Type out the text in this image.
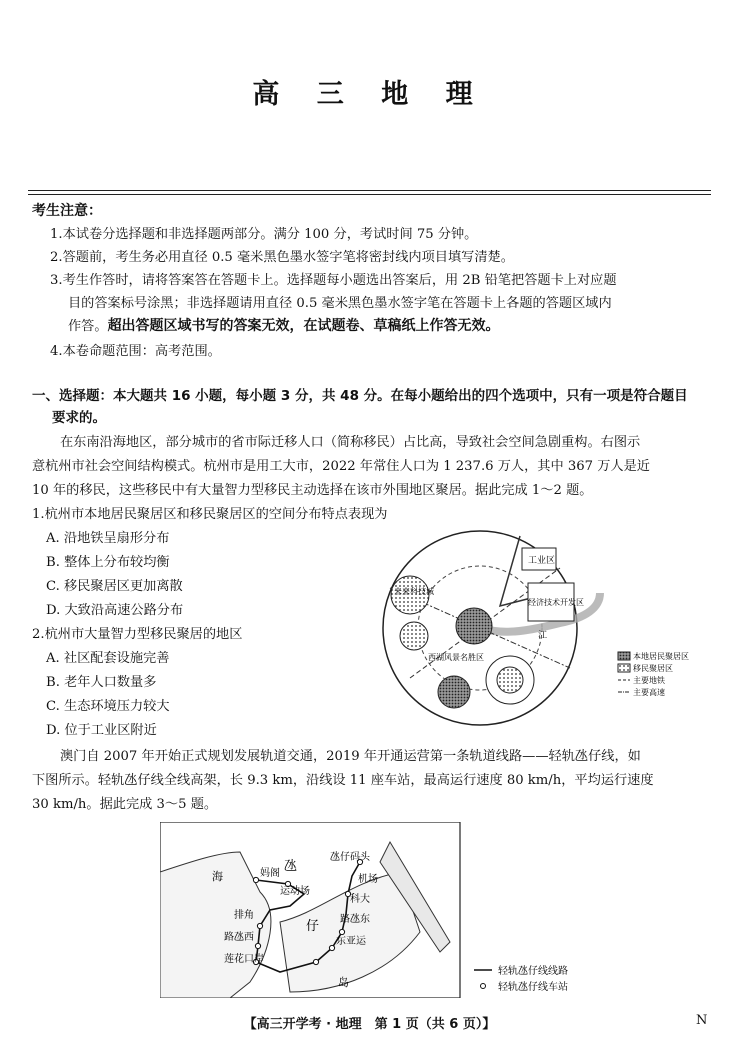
高 三 地 理
考生注意：
1.本试卷分选择题和非选择题两部分。满分 100 分，考试时间 75 分钟。
2.答题前，考生务必用直径 0.5 毫米黑色墨水签字笔将密封线内项目填写清楚。
3.考生作答时，请将答案答在答题卡上。选择题每小题选出答案后，用 2B 铅笔把答题卡上对应题
目的答案标号涂黑；非选择题请用直径 0.5 毫米黑色墨水签字笔在答题卡上各题的答题区域内
作答。超出答题区域书写的答案无效，在试题卷、草稿纸上作答无效。
4.本卷命题范围：高考范围。
一、选择题：本大题共 16 小题，每小题 3 分，共 48 分。在每小题给出的四个选项中，只有一项是符合题目
要求的。
在东南沿海地区，部分城市的省市际迁移人口（简称移民）占比高，导致社会空间急剧重构。右图示
意杭州市社会空间结构模式。杭州市是用工大市，2022 年常住人口为 1 237.6 万人，其中 367 万人是近
10 年的移民，这些移民中有大量智力型移民主动选择在该市外围地区聚居。据此完成 1～2 题。
1.杭州市本地居民聚居区和移民聚居区的空间分布特点表现为
A. 沿地铁呈扇形分布
B. 整体上分布较均衡
C. 移民聚居区更加离散
D. 大致沿高速公路分布
2.杭州市大量智力型移民聚居的地区
A. 社区配套设施完善
B. 老年人口数量多
C. 生态环境压力较大
D. 位于工业区附近
工业区
未来科技城
经济技术开发区
西湖风景名胜区
江
本地居民聚居区
移民聚居区
主要地铁
主要高速
澳门自 2007 年开始正式规划发展轨道交通，2019 年开通运营第一条轨道线路——轻轨氹仔线，如
下图所示。轻轨氹仔线全线高架，长 9.3 km，沿线设 11 座车站，最高运行速度 80 km/h，平均运行速度
30 km/h。据此完成 3～5 题。
海	妈阁 氹
仔
岛
运动场
排角
路氹西
莲花口岸
东亚运
路氹东
科大
机场
氹仔码头
轻轨氹仔线线路
轻轨氹仔线车站
【高三开学考 · 地理　第 1 页（共 6 页）】	N
